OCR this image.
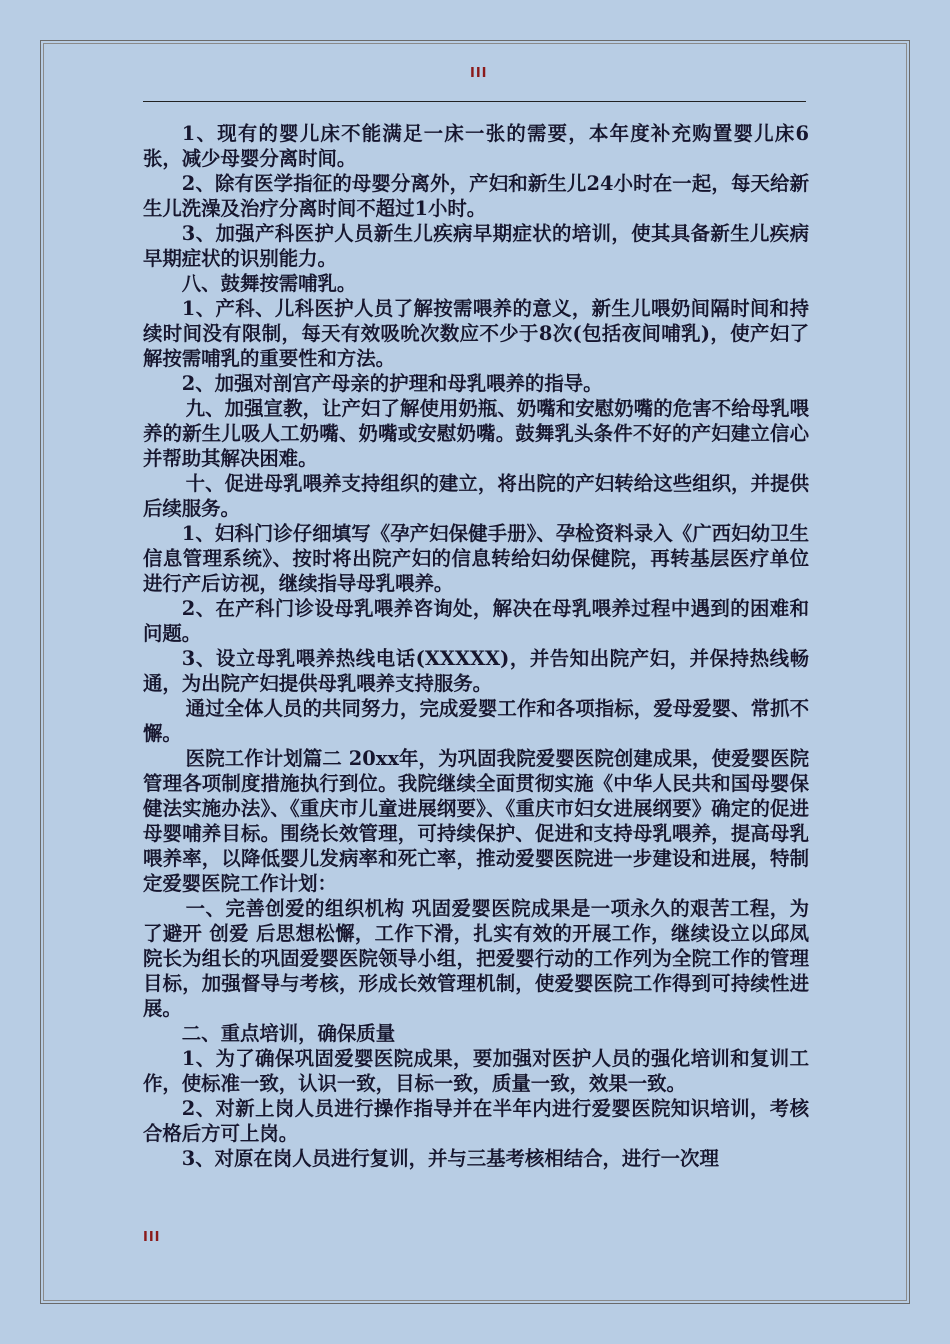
III

1、现有的婴儿床不能满足一床一张的需要，本年度补充购置婴儿床6张，减少母婴分离时间。

2、除有医学指征的母婴分离外，产妇和新生儿24小时在一起，每天给新生儿洗澡及治疗分离时间不超过1小时。

3、加强产科医护人员新生儿疾病早期症状的培训，使其具备新生儿疾病早期症状的识别能力。

八、鼓舞按需哺乳。

1、产科、儿科医护人员了解按需喂养的意义，新生儿喂奶间隔时间和持续时间没有限制，每天有效吸吮次数应不少于8次(包括夜间哺乳)，使产妇了解按需哺乳的重要性和方法。

2、加强对剖宫产母亲的护理和母乳喂养的指导。

九、加强宣教，让产妇了解使用奶瓶、奶嘴和安慰奶嘴的危害不给母乳喂养的新生儿吸人工奶嘴、奶嘴或安慰奶嘴。鼓舞乳头条件不好的产妇建立信心并帮助其解决困难。

十、促进母乳喂养支持组织的建立，将出院的产妇转给这些组织，并提供后续服务。

1、妇科门诊仔细填写《孕产妇保健手册》、孕检资料录入《广西妇幼卫生信息管理系统》、按时将出院产妇的信息转给妇幼保健院，再转基层医疗单位进行产后访视，继续指导母乳喂养。

2、在产科门诊设母乳喂养咨询处，解决在母乳喂养过程中遇到的困难和问题。

3、设立母乳喂养热线电话(XXXXX)，并告知出院产妇，并保持热线畅通，为出院产妇提供母乳喂养支持服务。

通过全体人员的共同努力，完成爱婴工作和各项指标，爱母爱婴、常抓不懈。

医院工作计划篇二 20xx年，为巩固我院爱婴医院创建成果，使爱婴医院管理各项制度措施执行到位。我院继续全面贯彻实施《中华人民共和国母婴保健法实施办法》、《重庆市儿童进展纲要》、《重庆市妇女进展纲要》确定的促进母婴哺养目标。围绕长效管理，可持续保护、促进和支持母乳喂养，提高母乳喂养率，以降低婴儿发病率和死亡率，推动爱婴医院进一步建设和进展，特制定爱婴医院工作计划：

一、完善创爱的组织机构 巩固爱婴医院成果是一项永久的艰苦工程，为了避开 创爱 后思想松懈，工作下滑，扎实有效的开展工作，继续设立以邱凤院长为组长的巩固爱婴医院领导小组，把爱婴行动的工作列为全院工作的管理目标，加强督导与考核，形成长效管理机制，使爱婴医院工作得到可持续性进展。

二、重点培训，确保质量

1、为了确保巩固爱婴医院成果，要加强对医护人员的强化培训和复训工作，使标准一致，认识一致，目标一致，质量一致，效果一致。

2、对新上岗人员进行操作指导并在半年内进行爱婴医院知识培训，考核合格后方可上岗。

3、对原在岗人员进行复训，并与三基考核相结合，进行一次理

III
